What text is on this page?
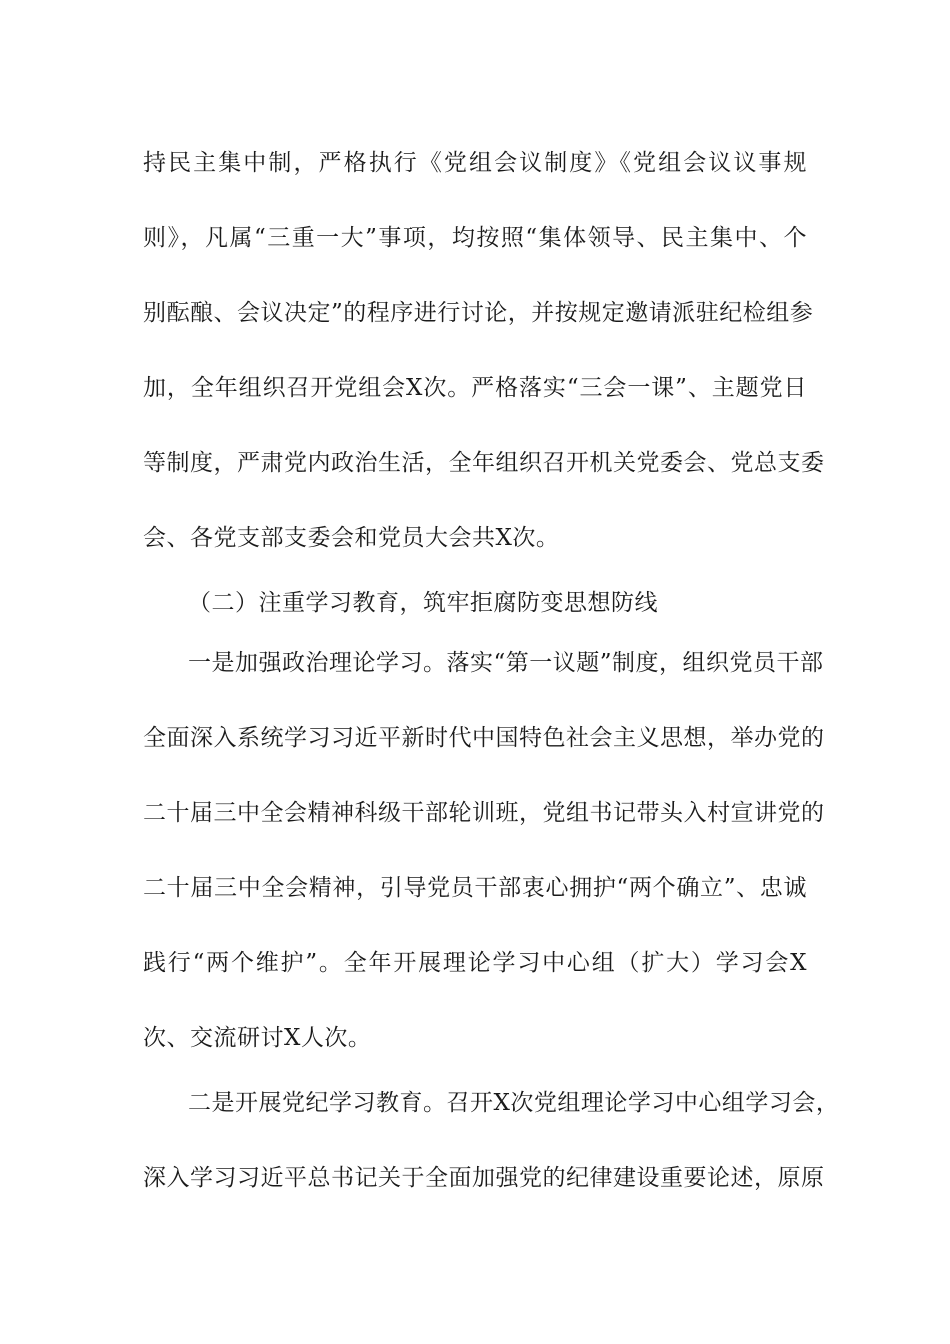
持民主集中制，严格执行《党组会议制度》《党组会议议事规

则》，凡属“三重一大”事项，均按照“集体领导、民主集中、个

别酝酿、会议决定”的程序进行讨论，并按规定邀请派驻纪检组参

加，全年组织召开党组会X次。严格落实“三会一课”、主题党日

等制度，严肃党内政治生活，全年组织召开机关党委会、党总支委

会、各党支部支委会和党员大会共X次。

（二）注重学习教育，筑牢拒腐防变思想防线

一是加强政治理论学习。落实“第一议题”制度，组织党员干部

全面深入系统学习习近平新时代中国特色社会主义思想，举办党的

二十届三中全会精神科级干部轮训班，党组书记带头入村宣讲党的

二十届三中全会精神，引导党员干部衷心拥护“两个确立”、忠诚

践行“两个维护”。全年开展理论学习中心组（扩大）学习会X

次、交流研讨X人次。

二是开展党纪学习教育。召开X次党组理论学习中心组学习会，

深入学习习近平总书记关于全面加强党的纪律建设重要论述，原原
